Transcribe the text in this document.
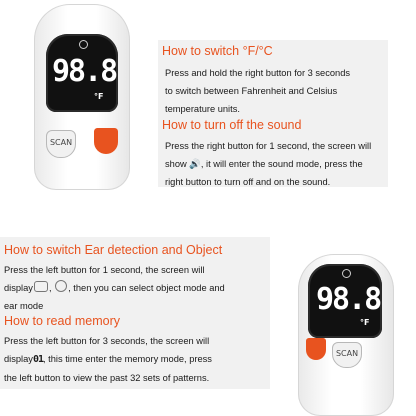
98.8
°F
SCAN
How to switch °F/°C
Press and hold the right button for 3 seconds
to switch between Fahrenheit and Celsius
temperature units.
How to turn off the sound
Press the right button for 1 second, the screen will
show 🔊, it will enter the sound mode, press the
right button to turn off and on the sound.
How to switch Ear detection and Object
Press the left button for 1 second, the screen will
display , , then you can select object mode and
ear mode
How to read memory
Press the left button for 3 seconds, the screen will
display01, this time enter the memory mode, press
the left button to view the past 32 sets of patterns.
98.8
°F
SCAN
